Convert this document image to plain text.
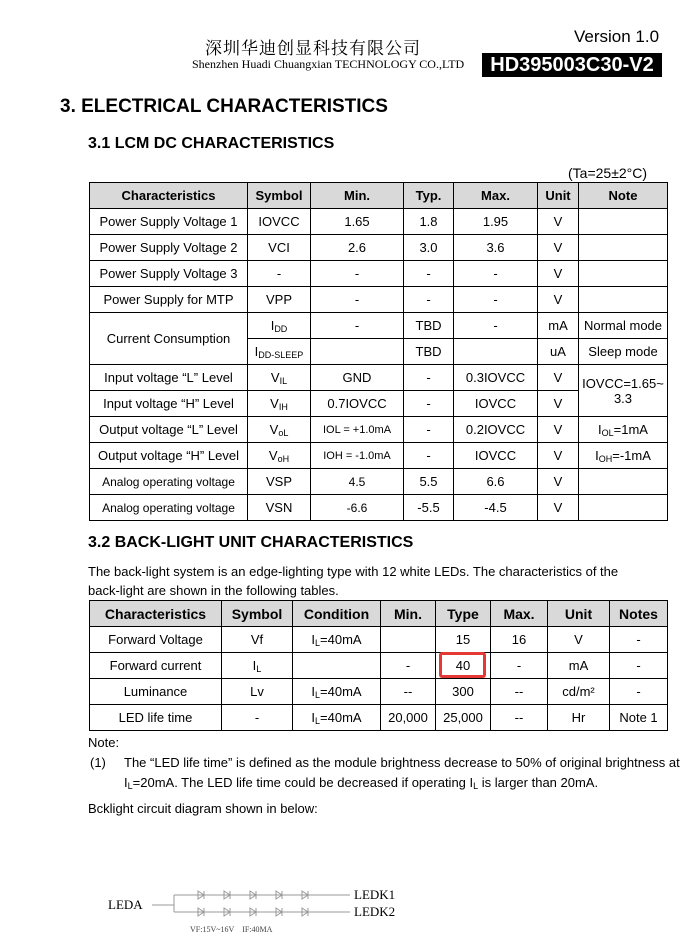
深圳华迪创显科技有限公司
Shenzhen Huadi Chuangxian TECHNOLOGY CO.,LTD
Version 1.0
HD395003C30-V2
3. ELECTRICAL CHARACTERISTICS
3.1 LCM DC CHARACTERISTICS
(Ta=25±2°C)
Characteristics	Symbol	Min.	Typ.	Max.	Unit	Note
Power Supply Voltage 1	IOVCC	1.65	1.8	1.95	V	
Power Supply Voltage 2	VCI	2.6	3.0	3.6	V	
Power Supply Voltage 3	-	-	-	-	V	
Power Supply for MTP	VPP	-	-	-	V	
Current Consumption	$I_{DD}$	-	TBD	-	mA	Normal mode
	$I_{DD-SLEEP}$		TBD		uA	Sleep mode
Input voltage “L” Level	$V_{IL}$	GND	-	0.3IOVCC	V	IOVCC=1.65~ 3.3
Input voltage “H” Level	$V_{IH}$	0.7IOVCC	-	IOVCC	V	
Output voltage “L” Level	$V_{oL}$	IOL = +1.0mA	-	0.2IOVCC	V	$I_{OL}=1mA$
Output voltage “H” Level	$V_{oH}$	IOH = -1.0mA	-	IOVCC	V	$I_{OH}=-1mA$
Analog operating voltage	VSP	4.5	5.5	6.6	V	
Analog operating voltage	VSN	-6.6	-5.5	-4.5	V	
3.2 BACK-LIGHT UNIT CHARACTERISTICS
The back-light system is an edge-lighting type with 12 white LEDs. The characteristics of the back-light are shown in the following tables.
Characteristics	Symbol	Condition	Min.	Type	Max.	Unit	Notes
Forward Voltage	Vf	$I_L=40mA$		15	16	V	-
Forward current	$I_L$		-	40	-	mA	-
Luminance	Lv	$I_L=40mA$	--	300	--	cd/m²	-
LED life time	-	$I_L=40mA$	20,000	25,000	--	Hr	Note 1
Note:
(1) The “LED life time” is defined as the module brightness decrease to 50% of original brightness at $I_L=20mA$. The LED life time could be decreased if operating $I_L$ is larger than 20mA.
Bcklight circuit diagram shown in below:
LEDA
LEDK1
LEDK2
VF:15V~16V    IF:40MA
